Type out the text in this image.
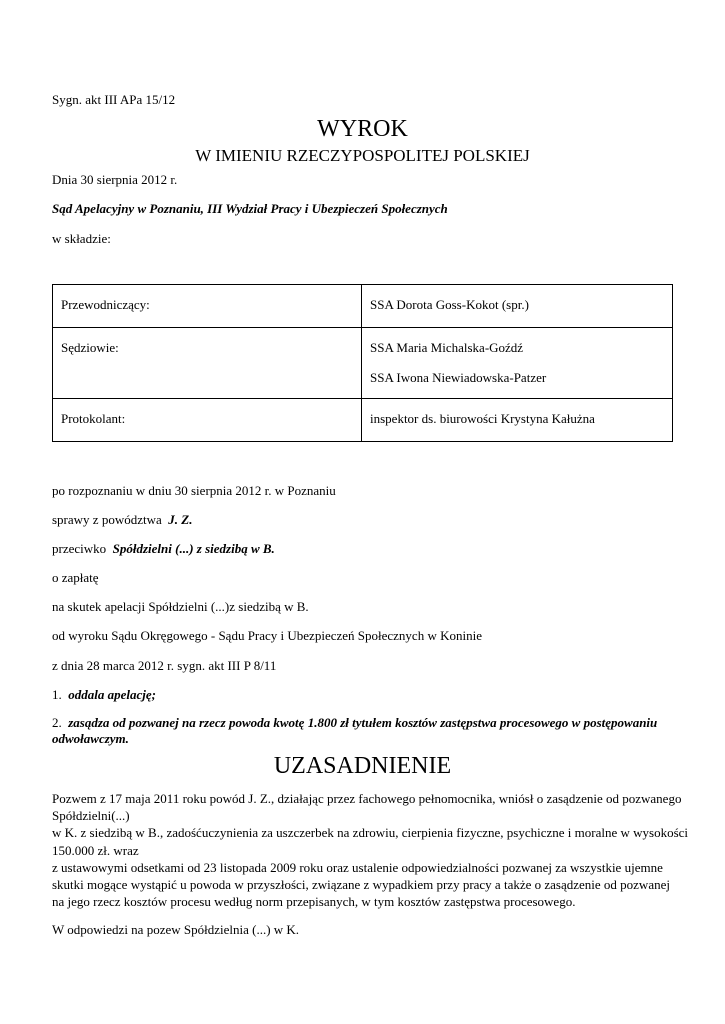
Sygn. akt III APa 15/12
WYROK
W IMIENIU RZECZYPOSPOLITEJ POLSKIEJ
Dnia 30 sierpnia 2012 r.
Sąd Apelacyjny w Poznaniu, III Wydział Pracy i Ubezpieczeń Społecznych
w składzie:
Przewodniczący:	SSA Dorota Goss-Kokot (spr.)
Sędziowie:	SSA Maria Michalska-Goźdź
SSA Iwona Niewiadowska-Patzer

Protokolant:	inspektor ds. biurowości Krystyna Kałużna
po rozpoznaniu w dniu 30 sierpnia 2012 r. w Poznaniu
sprawy z powództwa J. Z.
przeciwko Spółdzielni (...) z siedzibą w B.
o zapłatę
na skutek apelacji Spółdzielni (...)z siedzibą w B.
od wyroku Sądu Okręgowego - Sądu Pracy i Ubezpieczeń Społecznych w Koninie
z dnia 28 marca 2012 r. sygn. akt III P 8/11
1. oddala apelację;
2. zasądza od pozwanej na rzecz powoda kwotę 1.800 zł tytułem kosztów zastępstwa procesowego w postępowaniu odwoławczym.
UZASADNIENIE
Pozwem z 17 maja 2011 roku powód J. Z., działając przez fachowego pełnomocnika, wniósł o zasądzenie od pozwanego
Spółdzielni(...)
w K. z siedzibą w B., zadośćuczynienia za uszczerbek na zdrowiu, cierpienia fizyczne, psychiczne i moralne w wysokości
150.000 zł. wraz
z ustawowymi odsetkami od 23 listopada 2009 roku oraz ustalenie odpowiedzialności pozwanej za wszystkie ujemne
skutki mogące wystąpić u powoda w przyszłości, związane z wypadkiem przy pracy a także o zasądzenie od pozwanej
na jego rzecz kosztów procesu według norm przepisanych, w tym kosztów zastępstwa procesowego.
W odpowiedzi na pozew Spółdzielnia (...) w K.
